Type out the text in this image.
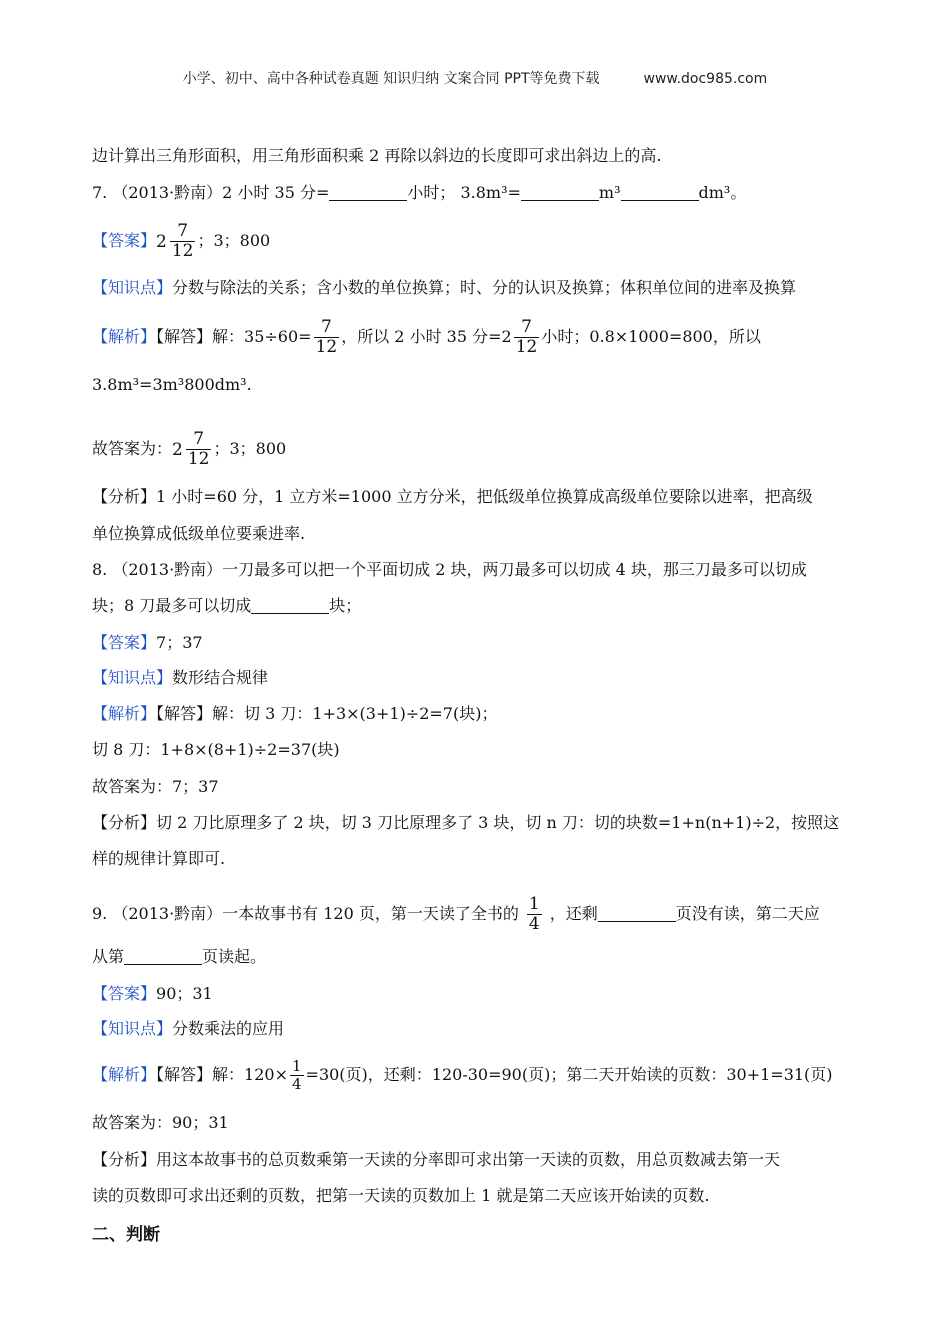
小学、初中、高中各种试卷真题 知识归纳 文案合同 PPT等免费下载	www.doc985.com
边计算出三角形面积，用三角形面积乘 2 再除以斜边的长度即可求出斜边上的高.
7. （2013·黔南）2 小时 35 分=	小时； 3.8m³=	m³	dm³。
【答案】$2 \frac{7}{12}$ ；3；800
【知识点】分数与除法的关系；含小数的单位换算；时、分的认识及换算；体积单位间的进率及换算
【解析】【解答】解：$35\div 60= \frac{7}{12}$ ，所以 2 小时 35 分$=2 \frac{7}{12}$ 小时；0.8×1000=800，所以
3.8m³=3m³800dm³.
故答案为：$2 \frac{7}{12}$ ；3；800
【分析】1 小时=60 分，1 立方米=1000 立方分米，把低级单位换算成高级单位要除以进率，把高级
单位换算成低级单位要乘进率.
8. （2013·黔南）一刀最多可以把一个平面切成 2 块，两刀最多可以切成 4 块，那三刀最多可以切成
块；8 刀最多可以切成	块；
【答案】7；37
【知识点】数形结合规律
【解析】【解答】解：切 3 刀：1+3×(3+1)÷2=7(块)；
切 8 刀：1+8×(8+1)÷2=37(块)
故答案为：7；37
【分析】切 2 刀比原理多了 2 块，切 3 刀比原理多了 3 块，切 n 刀：切的块数=1+n(n+1)÷2，按照这
样的规律计算即可.
9. （2013·黔南）一本故事书有 120 页，第一天读了全书的 $\frac{1}{4}$ ，还剩	页没有读，第二天应
从第	页读起。
【答案】90；31
【知识点】分数乘法的应用
【解析】【解答】解：$120\times \frac{1}{4} =30$(页)，还剩：120-30=90(页)；第二天开始读的页数：30+1=31(页)
故答案为：90；31
【分析】用这本故事书的总页数乘第一天读的分率即可求出第一天读的页数，用总页数减去第一天
读的页数即可求出还剩的页数，把第一天读的页数加上 1 就是第二天应该开始读的页数.
二、判断
